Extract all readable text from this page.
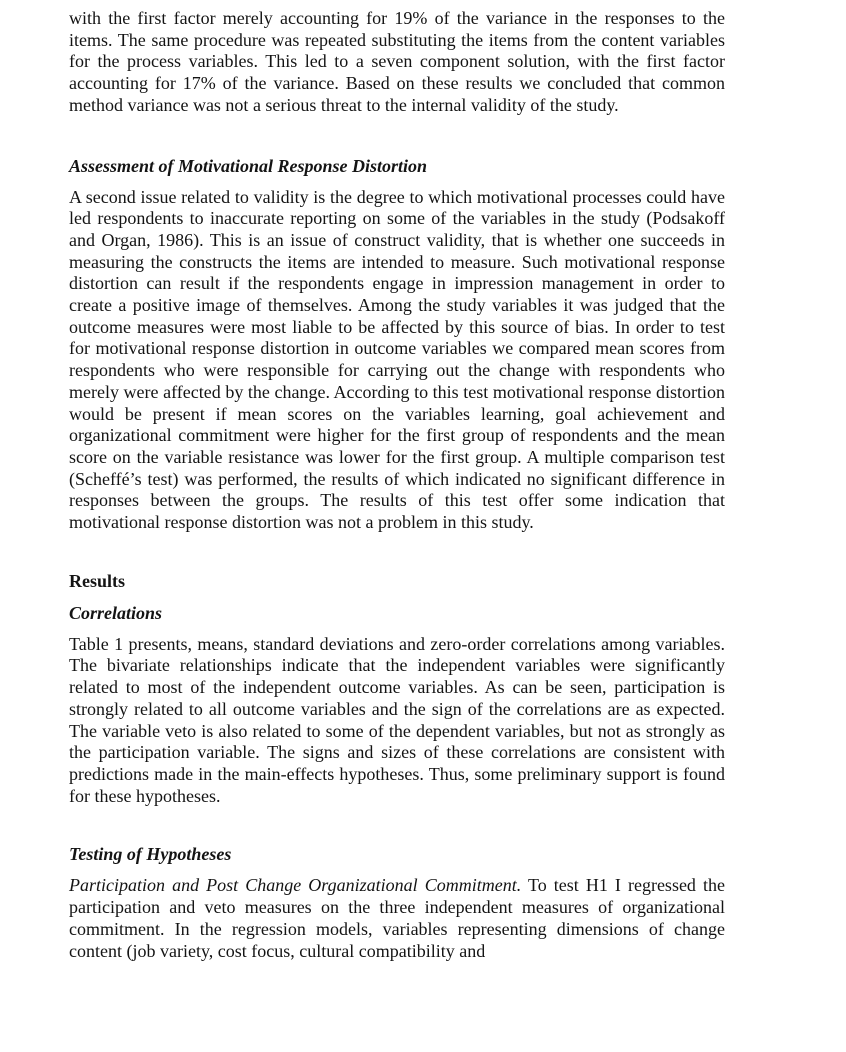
with the first factor merely accounting for 19% of the variance in the responses to the items. The same procedure was repeated substituting the items from the content variables for the process variables. This led to a seven component solution, with the first factor accounting for 17% of the variance. Based on these results we concluded that common method variance was not a serious threat to the internal validity of the study.

Assessment of Motivational Response Distortion

A second issue related to validity is the degree to which motivational processes could have led respondents to inaccurate reporting on some of the variables in the study (Podsakoff and Organ, 1986). This is an issue of construct validity, that is whether one succeeds in measuring the constructs the items are intended to measure. Such motivational response distortion can result if the respondents engage in impression management in order to create a positive image of themselves. Among the study variables it was judged that the outcome measures were most liable to be affected by this source of bias. In order to test for motivational response distortion in outcome variables we compared mean scores from respondents who were responsible for carrying out the change with respondents who merely were affected by the change. According to this test motivational response distortion would be present if mean scores on the variables learning, goal achievement and organizational commitment were higher for the first group of respondents and the mean score on the variable resistance was lower for the first group. A multiple comparison test (Scheffé’s test) was performed, the results of which indicated no significant difference in responses between the groups. The results of this test offer some indication that motivational response distortion was not a problem in this study.

Results
Correlations

Table 1 presents, means, standard deviations and zero-order correlations among variables. The bivariate relationships indicate that the independent variables were significantly related to most of the independent outcome variables. As can be seen, participation is strongly related to all outcome variables and the sign of the correlations are as expected. The variable veto is also related to some of the dependent variables, but not as strongly as the participation variable. The signs and sizes of these correlations are consistent with predictions made in the main-effects hypotheses. Thus, some preliminary support is found for these hypotheses.

Testing of Hypotheses

Participation and Post Change Organizational Commitment. To test H1 I regressed the participation and veto measures on the three independent measures of organizational commitment. In the regression models, variables representing dimensions of change content (job variety, cost focus, cultural compatibility and
